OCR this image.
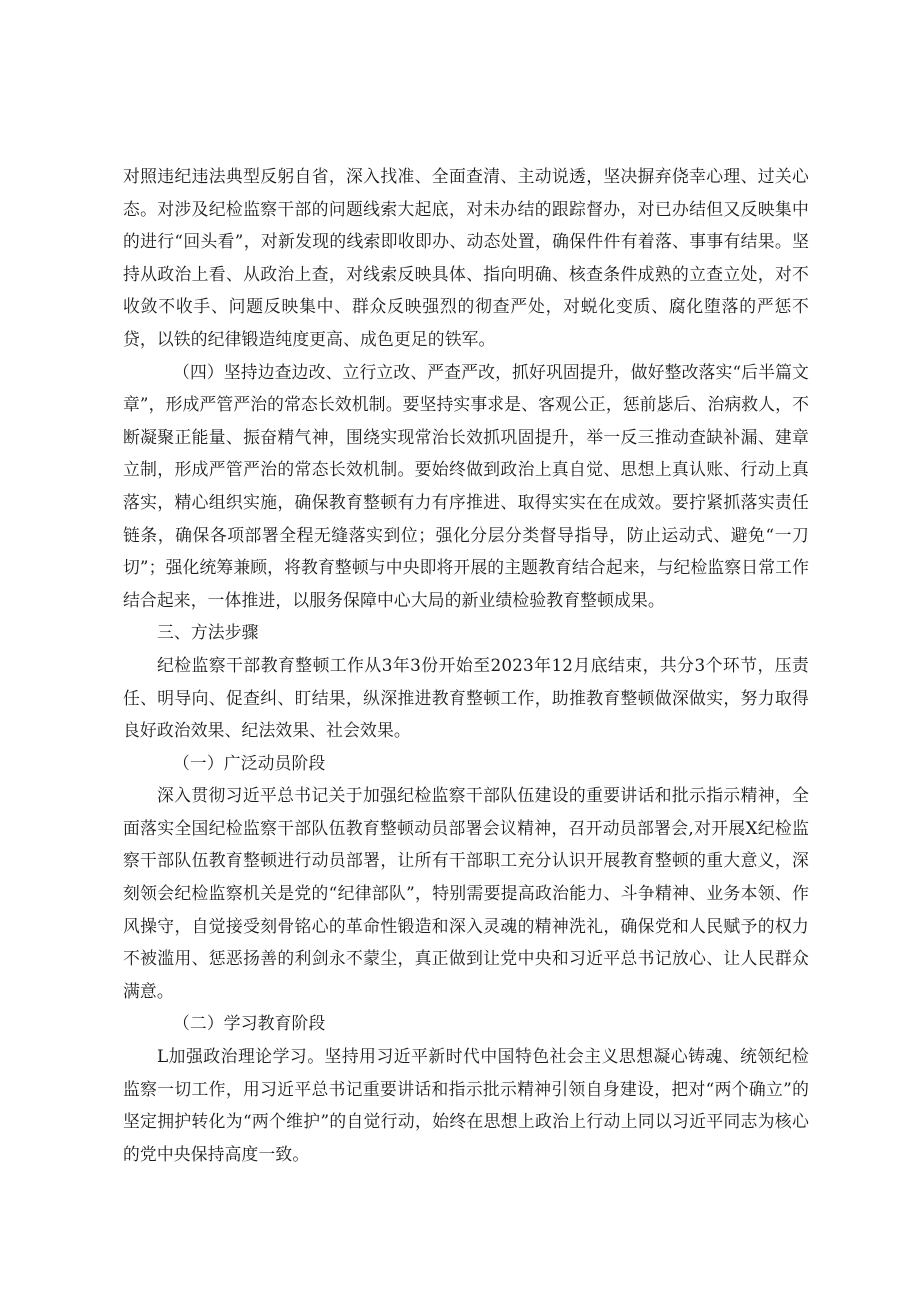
对照违纪违法典型反躬自省，深入找准、全面查清、主动说透，坚决摒弃侥幸心理、过关心态。对涉及纪检监察干部的问题线索大起底，对未办结的跟踪督办，对已办结但又反映集中的进行“回头看”，对新发现的线索即收即办、动态处置，确保件件有着落、事事有结果。坚持从政治上看、从政治上查，对线索反映具体、指向明确、核查条件成熟的立查立处，对不收敛不收手、问题反映集中、群众反映强烈的彻查严处，对蜕化变质、腐化堕落的严惩不贷，以铁的纪律锻造纯度更高、成色更足的铁军。

（四）坚持边查边改、立行立改、严查严改，抓好巩固提升，做好整改落实“后半篇文章”，形成严管严治的常态长效机制。要坚持实事求是、客观公正，惩前毖后、治病救人，不断凝聚正能量、振奋精气神，围绕实现常治长效抓巩固提升，举一反三推动查缺补漏、建章立制，形成严管严治的常态长效机制。要始终做到政治上真自觉、思想上真认账、行动上真落实，精心组织实施，确保教育整顿有力有序推进、取得实实在在成效。要拧紧抓落实责任链条，确保各项部署全程无缝落实到位；强化分层分类督导指导，防止运动式、避免“一刀切”；强化统筹兼顾，将教育整顿与中央即将开展的主题教育结合起来，与纪检监察日常工作结合起来，一体推进，以服务保障中心大局的新业绩检验教育整顿成果。

三、方法步骤

纪检监察干部教育整顿工作从3年3份开始至2023年12月底结束，共分3个环节，压责任、明导向、促查纠、盯结果，纵深推进教育整顿工作，助推教育整顿做深做实，努力取得良好政治效果、纪法效果、社会效果。

（一）广泛动员阶段

深入贯彻习近平总书记关于加强纪检监察干部队伍建设的重要讲话和批示指示精神，全面落实全国纪检监察干部队伍教育整顿动员部署会议精神，召开动员部署会,对开展X纪检监察干部队伍教育整顿进行动员部署，让所有干部职工充分认识开展教育整顿的重大意义，深刻领会纪检监察机关是党的“纪律部队”，特别需要提高政治能力、斗争精神、业务本领、作风操守，自觉接受刻骨铭心的革命性锻造和深入灵魂的精神洗礼，确保党和人民赋予的权力不被滥用、惩恶扬善的利剑永不蒙尘，真正做到让党中央和习近平总书记放心、让人民群众满意。

（二）学习教育阶段

L加强政治理论学习。坚持用习近平新时代中国特色社会主义思想凝心铸魂、统领纪检监察一切工作，用习近平总书记重要讲话和指示批示精神引领自身建设，把对“两个确立”的坚定拥护转化为“两个维护”的自觉行动，始终在思想上政治上行动上同以习近平同志为核心的党中央保持高度一致。
